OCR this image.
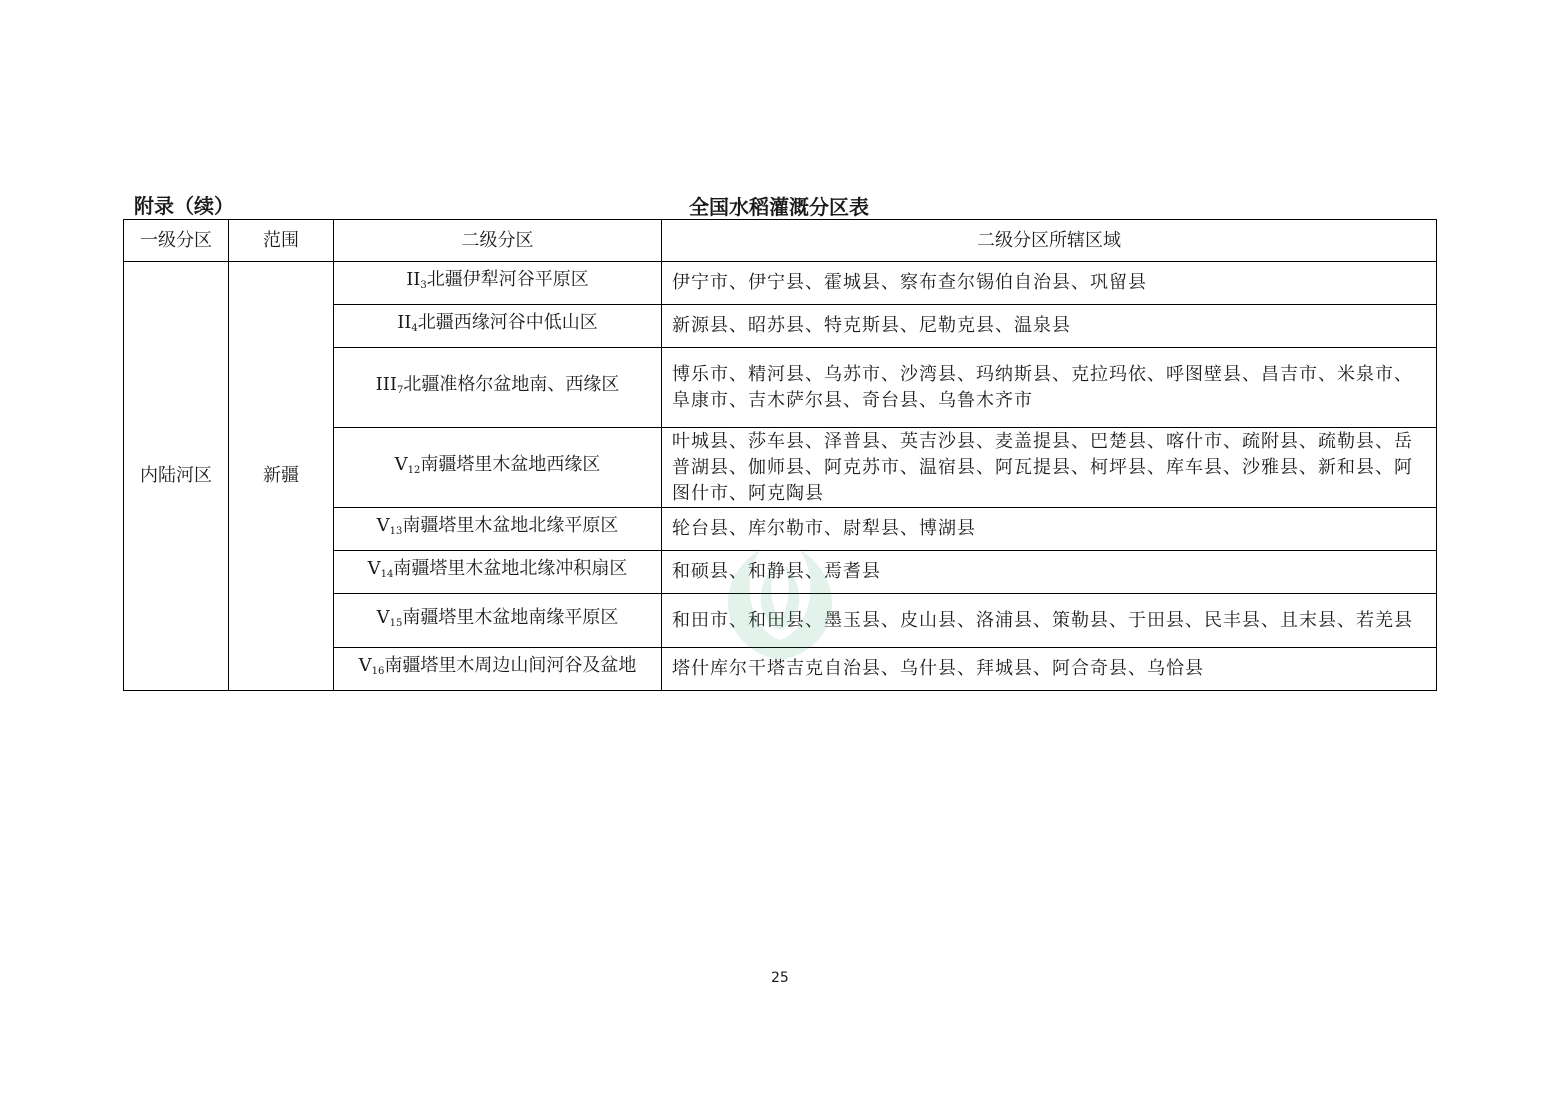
附录（续）	全国水稻灌溉分区表
一级分区	范围	二级分区	二级分区所辖区域
内陆河区	新疆	$II_3$北疆伊犁河谷平原区	伊宁市、伊宁县、霍城县、察布查尔锡伯自治县、巩留县
		$II_4$北疆西缘河谷中低山区	新源县、昭苏县、特克斯县、尼勒克县、温泉县
		$III_7$北疆准格尔盆地南、西缘区	博乐市、精河县、乌苏市、沙湾县、玛纳斯县、克拉玛依、呼图壁县、昌吉市、米泉市、阜康市、吉木萨尔县、奇台县、乌鲁木齐市
		$V_{12}$南疆塔里木盆地西缘区	叶城县、莎车县、泽普县、英吉沙县、麦盖提县、巴楚县、喀什市、疏附县、疏勒县、岳普湖县、伽师县、阿克苏市、温宿县、阿瓦提县、柯坪县、库车县、沙雅县、新和县、阿图什市、阿克陶县
		$V_{13}$南疆塔里木盆地北缘平原区	轮台县、库尔勒市、尉犁县、博湖县
		$V_{14}$南疆塔里木盆地北缘冲积扇区	和硕县、和静县、焉耆县
		$V_{15}$南疆塔里木盆地南缘平原区	和田市、和田县、墨玉县、皮山县、洛浦县、策勒县、于田县、民丰县、且末县、若羌县
		$V_{16}$南疆塔里木周边山间河谷及盆地	塔什库尔干塔吉克自治县、乌什县、拜城县、阿合奇县、乌恰县
25
